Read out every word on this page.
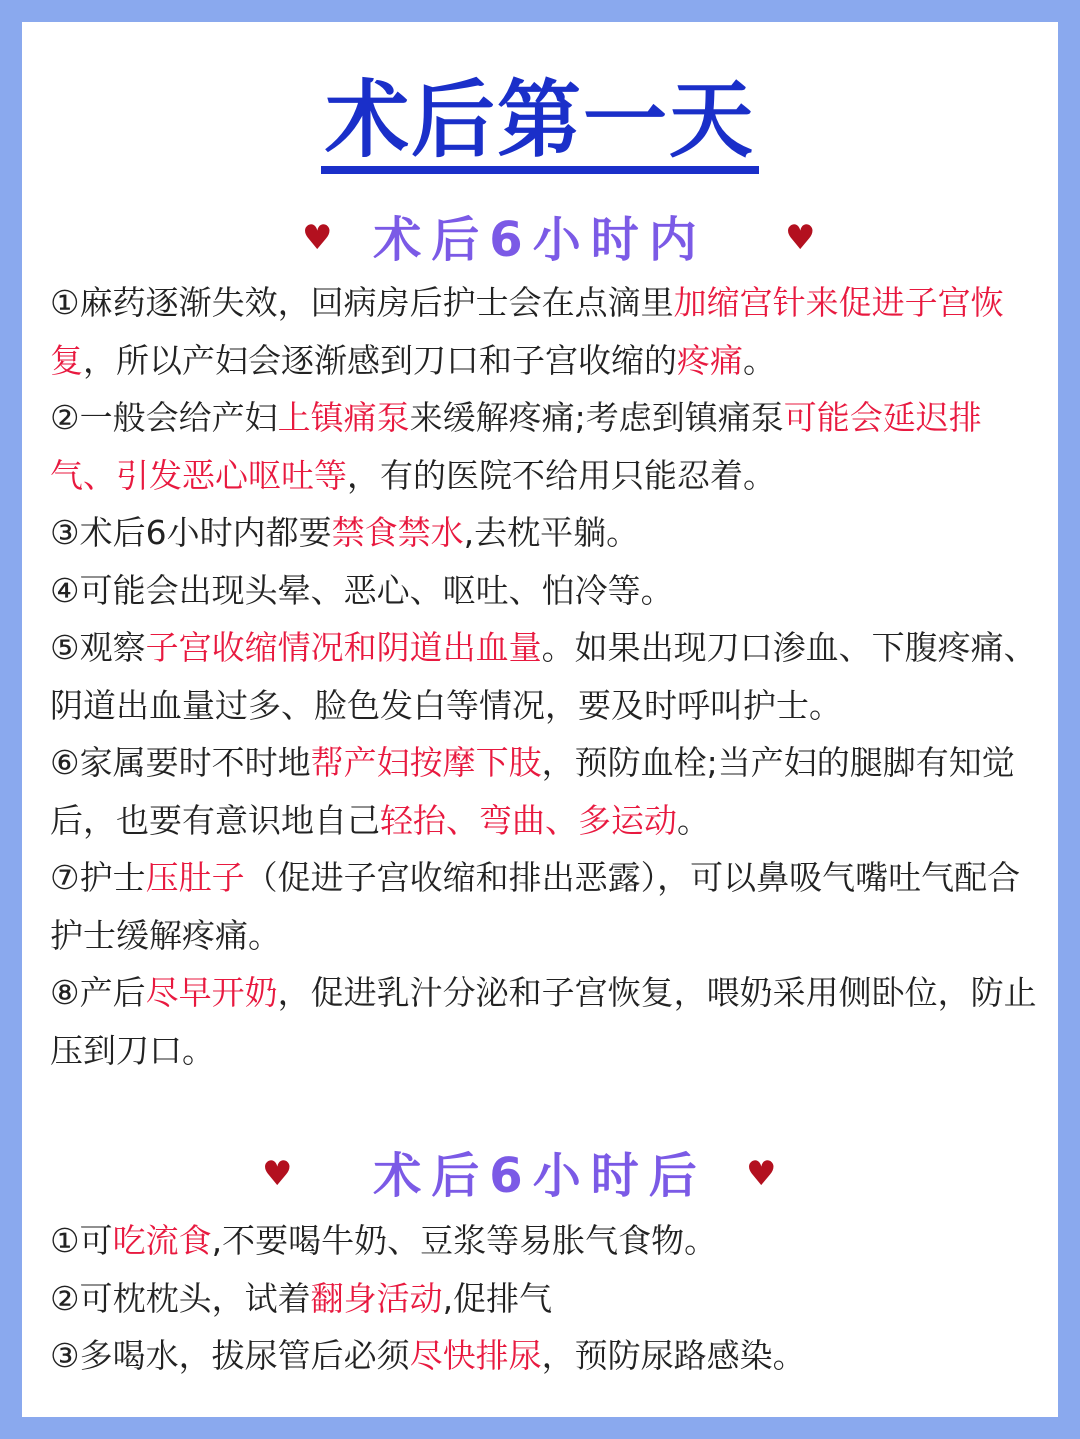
术后第一天
♥ 术后6小时内	♥

①麻药逐渐失效，回病房后护士会在点滴里加缩宫针来促进子宫恢复，所以产妇会逐渐感到刀口和子宫收缩的疼痛。

②一般会给产妇上镇痛泵来缓解疼痛;考虑到镇痛泵可能会延迟排气、引发恶心呕吐等，有的医院不给用只能忍着。

③术后6小时内都要禁食禁水,去枕平躺。

④可能会出现头晕、恶心、呕吐、怕冷等。

⑤观察子宫收缩情况和阴道出血量。如果出现刀口渗血、下腹疼痛、阴道出血量过多、脸色发白等情况，要及时呼叫护士。

⑥家属要时不时地帮产妇按摩下肢，预防血栓;当产妇的腿脚有知觉后，也要有意识地自己轻抬、弯曲、多运动。

⑦护士压肚子（促进子宫收缩和排出恶露），可以鼻吸气嘴吐气配合护士缓解疼痛。

⑧产后尽早开奶，促进乳汁分泌和子宫恢复，喂奶采用侧卧位，防止压到刀口。

♥	术后6小时后	♥

①可吃流食,不要喝牛奶、豆浆等易胀气食物。

②可枕枕头，试着翻身活动,促排气

③多喝水，拔尿管后必须尽快排尿，预防尿路感染。
